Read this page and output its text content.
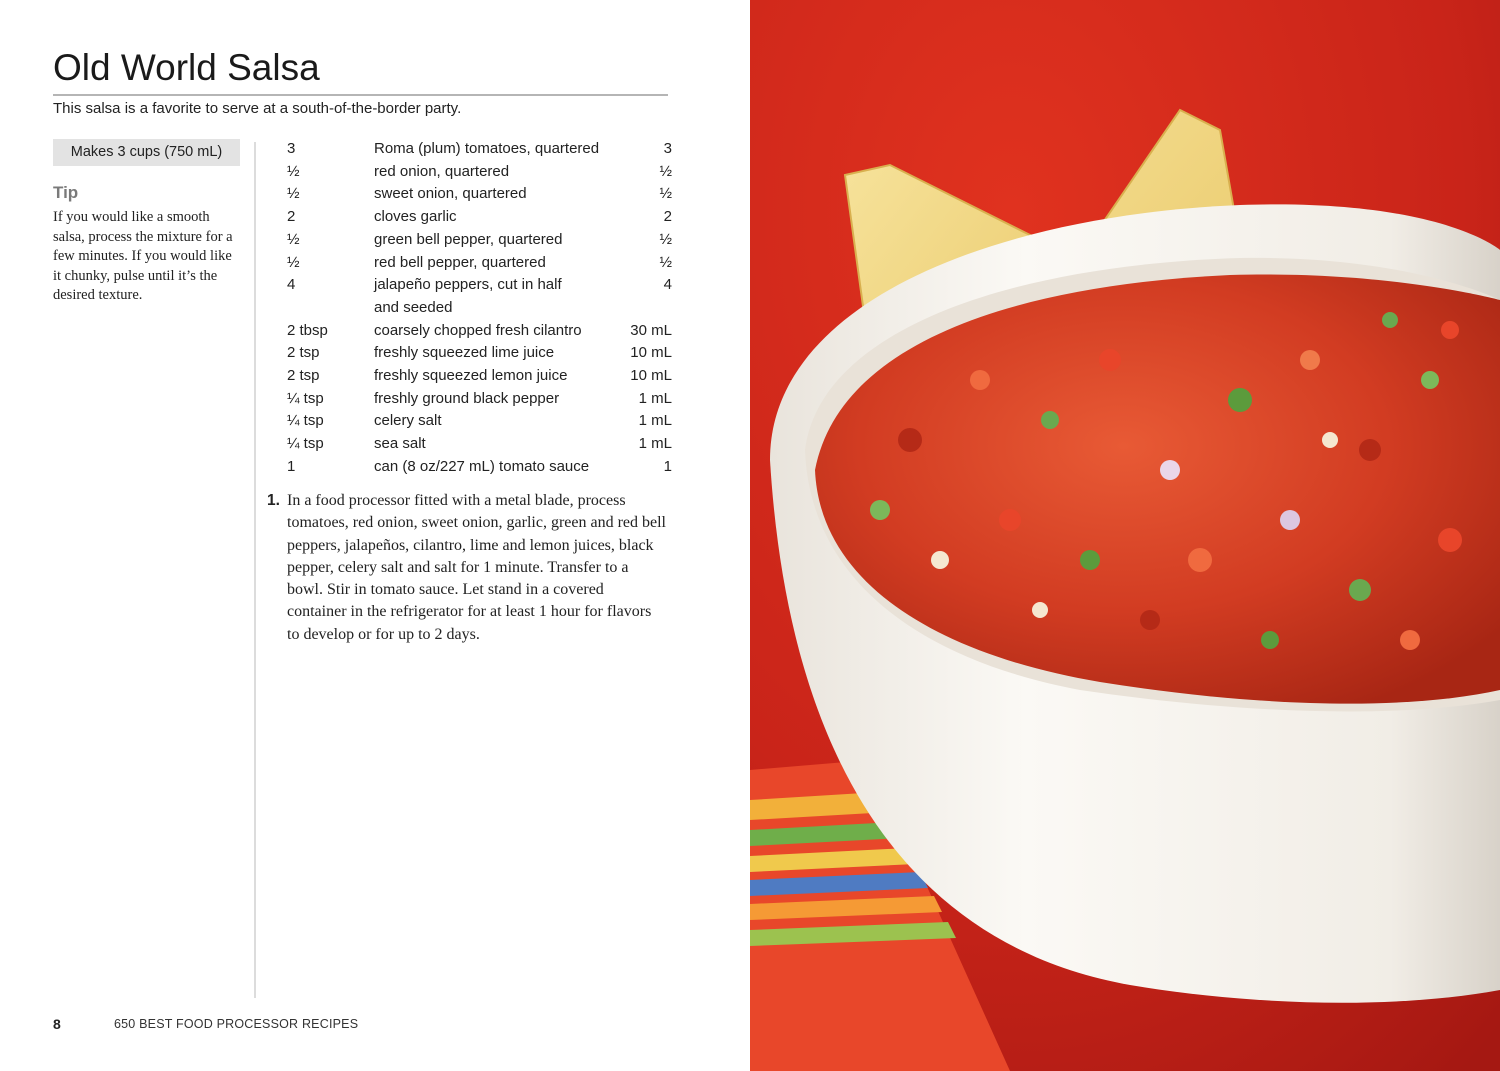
Old World Salsa
This salsa is a favorite to serve at a south-of-the-border party.
Makes 3 cups (750 mL)
Tip
If you would like a smooth salsa, process the mixture for a few minutes. If you would like it chunky, pulse until it’s the desired texture.
3	Roma (plum) tomatoes, quartered	3
½	red onion, quartered	½
½	sweet onion, quartered	½
2	cloves garlic	2
½	green bell pepper, quartered	½
½	red bell pepper, quartered	½
4	jalapeño peppers, cut in half	4
and seeded
2 tbsp	coarsely chopped fresh cilantro	30 mL
2 tsp	freshly squeezed lime juice	10 mL
2 tsp	freshly squeezed lemon juice	10 mL
¼ tsp	freshly ground black pepper	1 mL
¼ tsp	celery salt	1 mL
¼ tsp	sea salt	1 mL
1	can (8 oz/227 mL) tomato sauce	1
1. In a food processor fitted with a metal blade, process tomatoes, red onion, sweet onion, garlic, green and red bell peppers, jalapeños, cilantro, lime and lemon juices, black pepper, celery salt and salt for 1 minute. Transfer to a bowl. Stir in tomato sauce. Let stand in a covered container in the refrigerator for at least 1 hour for flavors to develop or for up to 2 days.
8	650 BEST FOOD PROCESSOR RECIPES
